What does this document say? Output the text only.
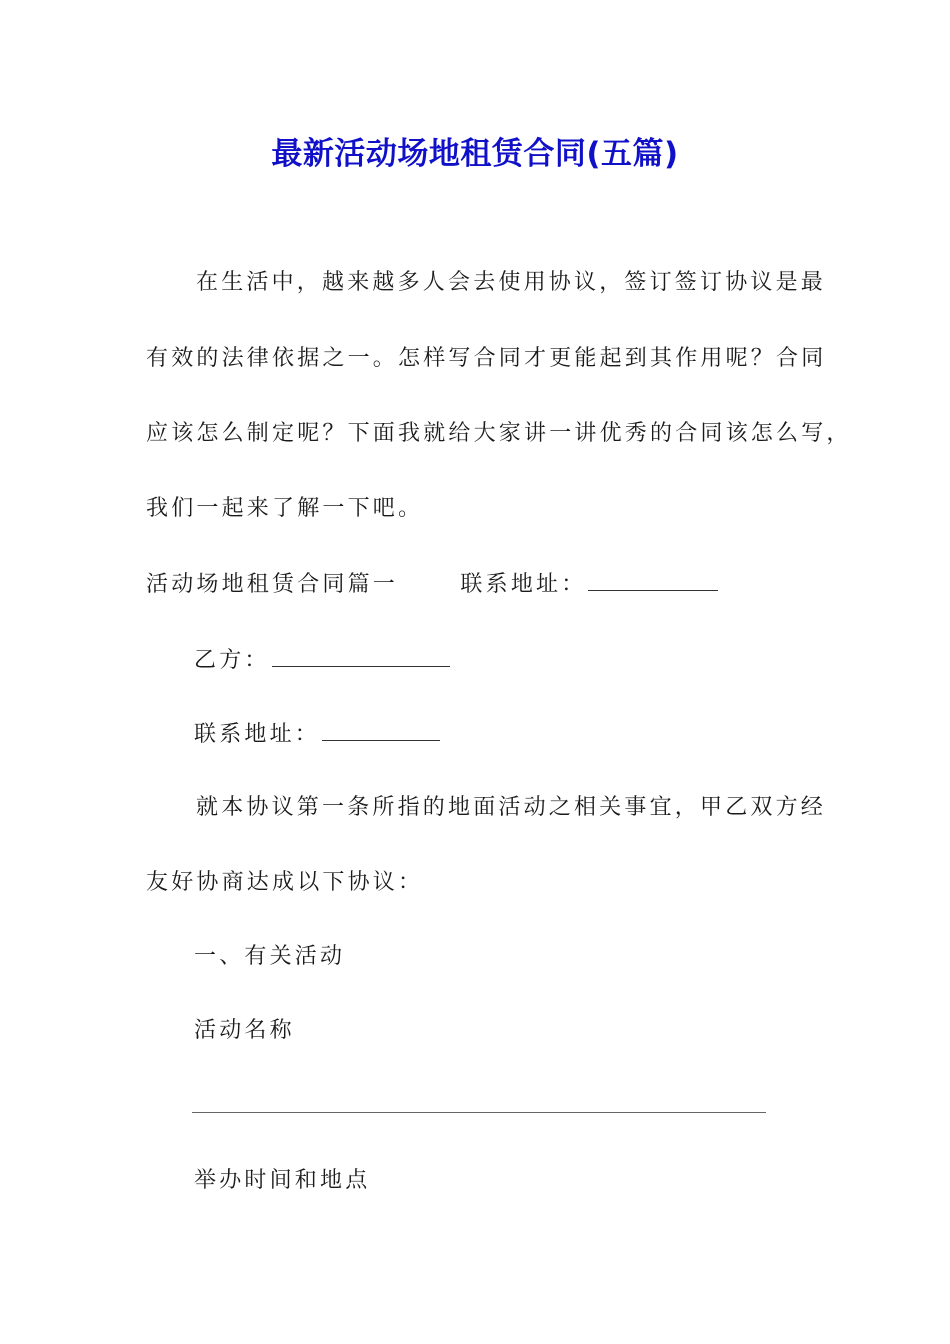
最新活动场地租赁合同(五篇)
在生活中，越来越多人会去使用协议，签订签订协议是最
有效的法律依据之一。怎样写合同才更能起到其作用呢？合同
应该怎么制定呢？下面我就给大家讲一讲优秀的合同该怎么写，
我们一起来了解一下吧。
活动场地租赁合同篇一	联系地址：
乙方：
联系地址：
就本协议第一条所指的地面活动之相关事宜，甲乙双方经
友好协商达成以下协议：
一、有关活动
活动名称
举办时间和地点
